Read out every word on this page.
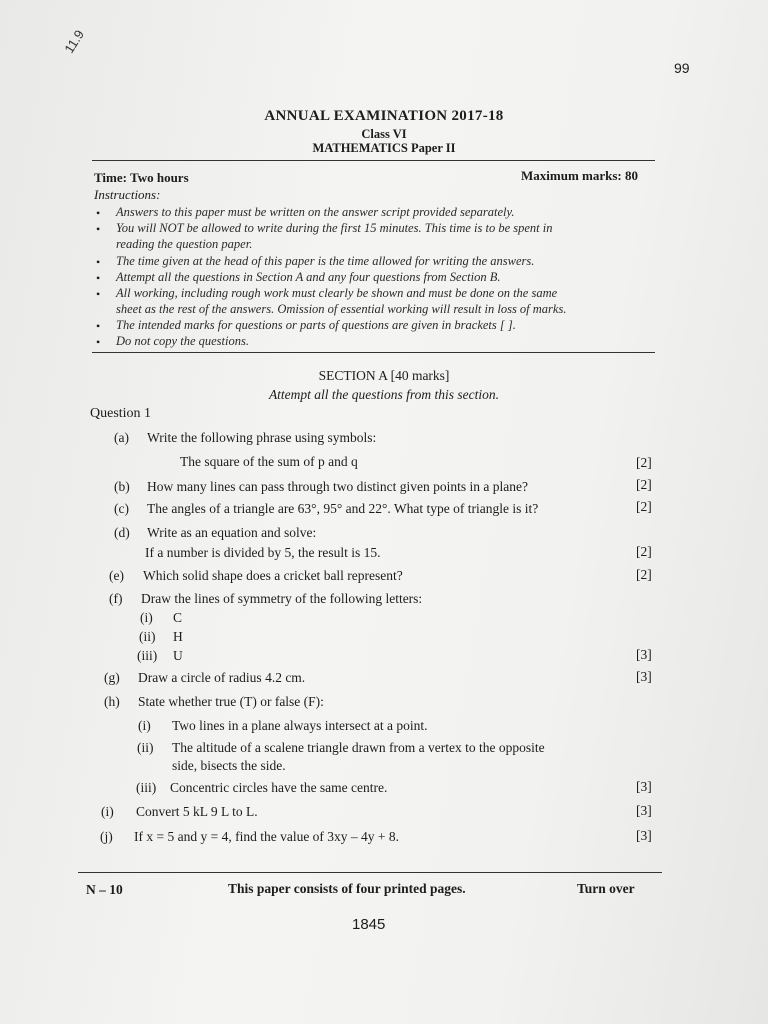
11.9
99
ANNUAL EXAMINATION 2017-18
Class VI
MATHEMATICS Paper II
Time: Two hours	Maximum marks: 80
Instructions:
• Answers to this paper must be written on the answer script provided separately.
• You will NOT be allowed to write during the first 15 minutes. This time is to be spent in
reading the question paper.
• The time given at the head of this paper is the time allowed for writing the answers.
• Attempt all the questions in Section A and any four questions from Section B.
• All working, including rough work must clearly be shown and must be done on the same
sheet as the rest of the answers. Omission of essential working will result in loss of marks.
• The intended marks for questions or parts of questions are given in brackets [ ].
• Do not copy the questions.
SECTION A [40 marks]
Attempt all the questions from this section.
Question 1
(a) Write the following phrase using symbols:
The square of the sum of p and q	[2]
(b) How many lines can pass through two distinct given points in a plane?	[2]
(c) The angles of a triangle are 63°, 95° and 22°. What type of triangle is it?	[2]
(d) Write as an equation and solve:
If a number is divided by 5, the result is 15.	[2]
(e) Which solid shape does a cricket ball represent?	[2]
(f) Draw the lines of symmetry of the following letters:
(i) C
(ii) H
(iii) U	[3]
(g) Draw a circle of radius 4.2 cm.	[3]
(h) State whether true (T) or false (F):
(i) Two lines in a plane always intersect at a point.
(ii) The altitude of a scalene triangle drawn from a vertex to the opposite
side, bisects the side.
(iii) Concentric circles have the same centre.	[3]
(i) Convert 5 kL 9 L to L.	[3]
(j) If x = 5 and y = 4, find the value of 3xy – 4y + 8.	[3]
N – 10	This paper consists of four printed pages.	Turn over
1845
